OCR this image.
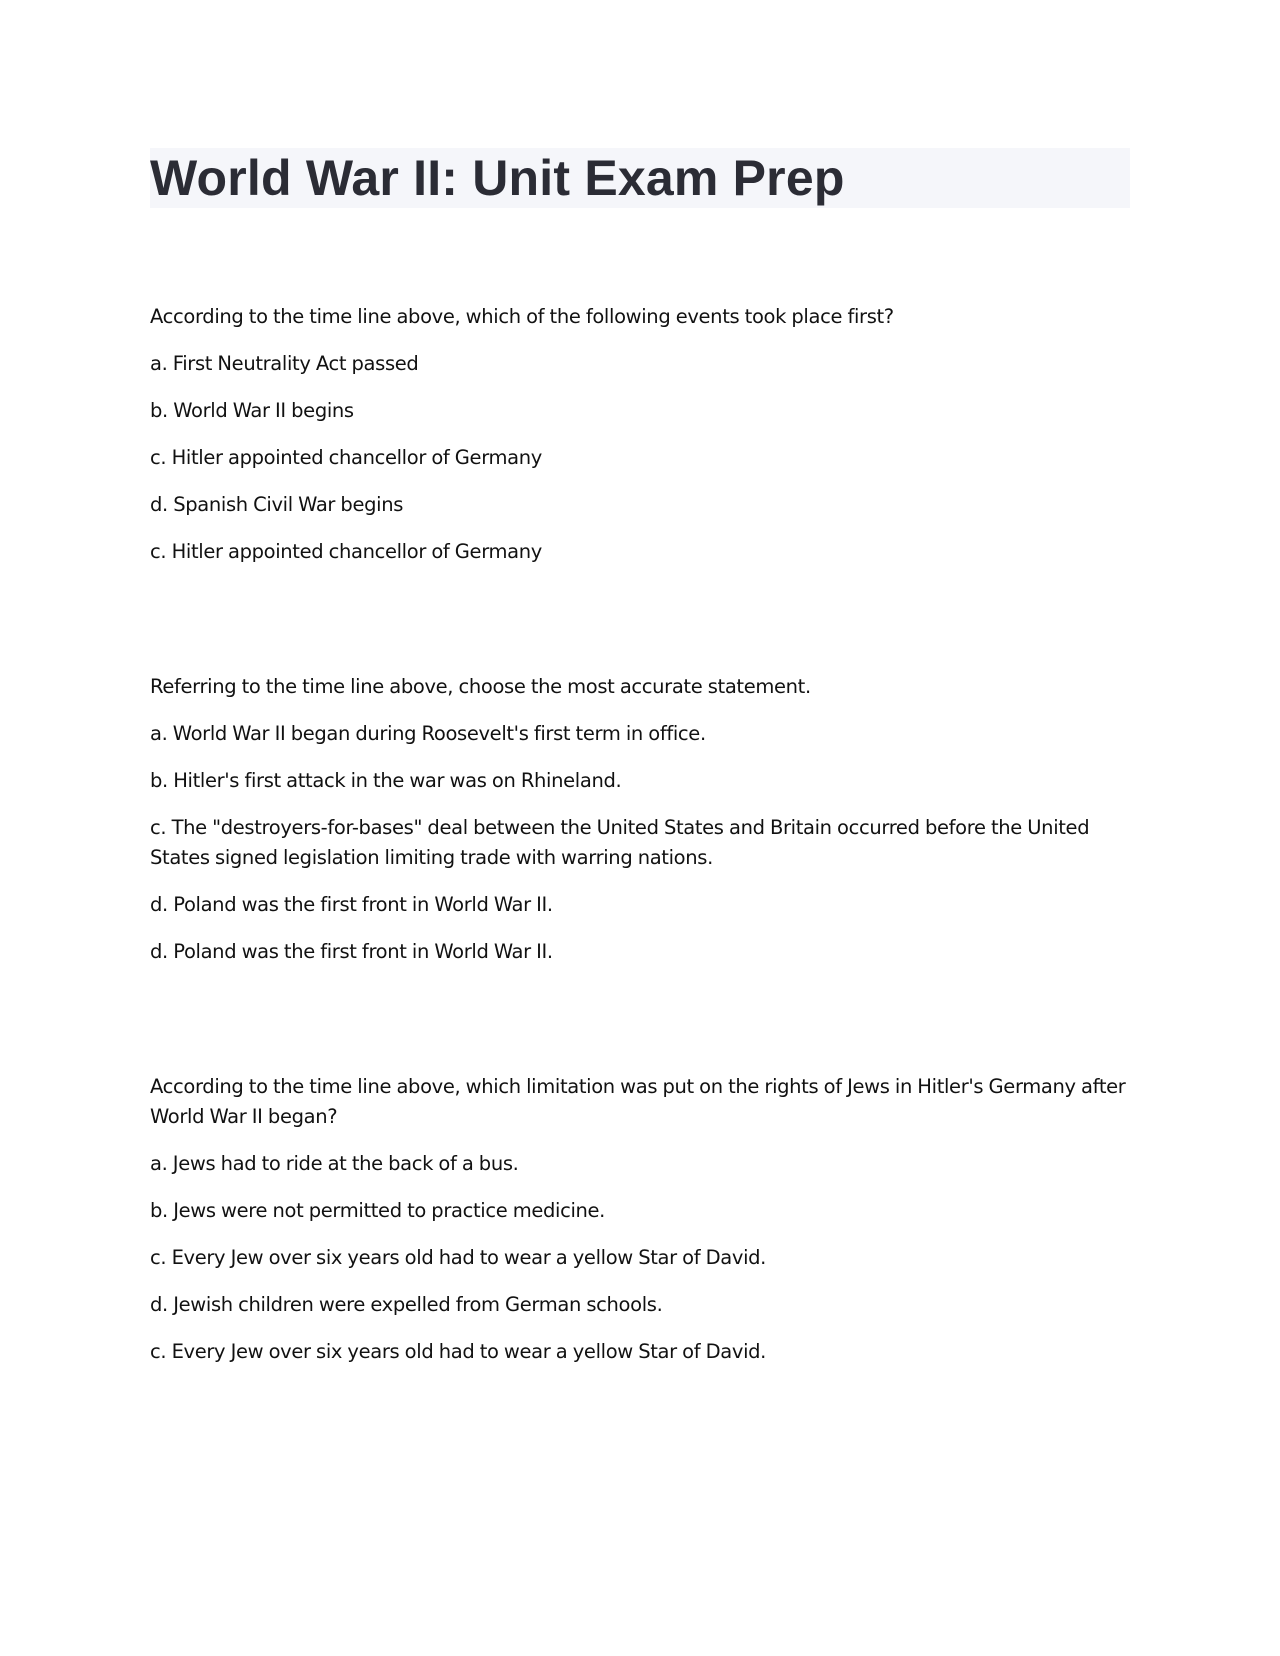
World War II: Unit Exam Prep

According to the time line above, which of the following events took place first?

a. First Neutrality Act passed

b. World War II begins

c. Hitler appointed chancellor of Germany

d. Spanish Civil War begins

c. Hitler appointed chancellor of Germany

Referring to the time line above, choose the most accurate statement.

a. World War II began during Roosevelt's first term in office.

b. Hitler's first attack in the war was on Rhineland.

c. The "destroyers-for-bases" deal between the United States and Britain occurred before the United States signed legislation limiting trade with warring nations.

d. Poland was the first front in World War II.

d. Poland was the first front in World War II.

According to the time line above, which limitation was put on the rights of Jews in Hitler's Germany after World War II began?

a. Jews had to ride at the back of a bus.

b. Jews were not permitted to practice medicine.

c. Every Jew over six years old had to wear a yellow Star of David.

d. Jewish children were expelled from German schools.

c. Every Jew over six years old had to wear a yellow Star of David.
